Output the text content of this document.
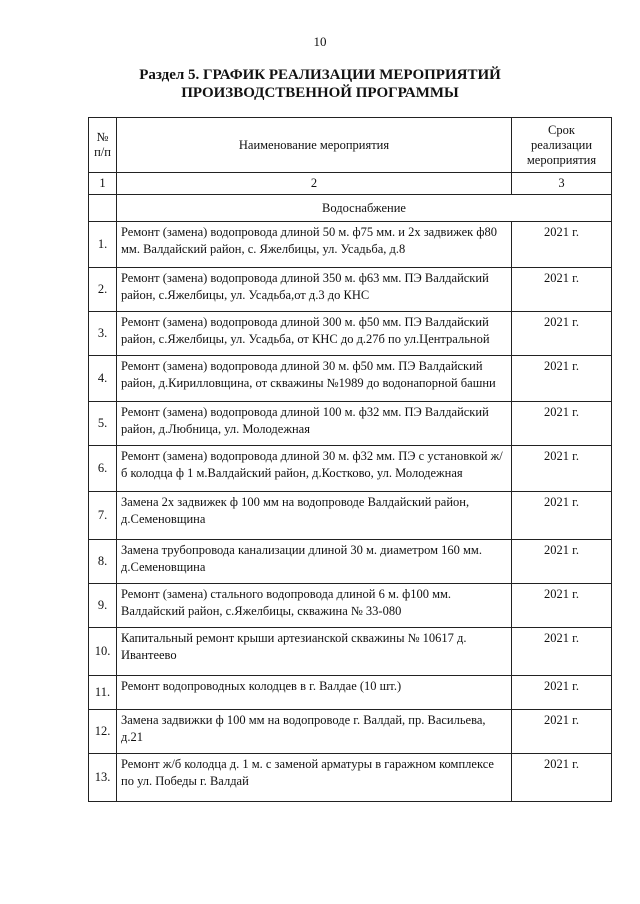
10
Раздел 5. ГРАФИК РЕАЛИЗАЦИИ МЕРОПРИЯТИЙ
ПРОИЗВОДСТВЕННОЙ ПРОГРАММЫ
№ п/п	Наименование мероприятия	Срок реализации мероприятия
1	2	3
	Водоснабжение	
1.	Ремонт (замена) водопровода длиной 50 м. ф75 мм. и 2х задвижек ф80 мм. Валдайский район, с. Яжелбицы, ул. Усадьба, д.8	2021 г.
2.	Ремонт (замена) водопровода длиной 350 м. ф63 мм. ПЭ Валдайский район, с.Яжелбицы, ул. Усадьба,от д.3 до КНС	2021 г.
3.	Ремонт (замена) водопровода длиной 300 м. ф50 мм. ПЭ Валдайский район, с.Яжелбицы, ул. Усадьба, от КНС до д.27б по ул.Центральной	2021 г.
4.	Ремонт (замена) водопровода длиной 30 м. ф50 мм. ПЭ Валдайский район, д.Кирилловщина, от скважины №1989 до водонапорной башни	2021 г.
5.	Ремонт (замена) водопровода длиной 100 м. ф32 мм. ПЭ Валдайский район, д.Любница, ул. Молодежная	2021 г.
6.	Ремонт (замена) водопровода длиной 30 м. ф32 мм. ПЭ с установкой ж/б колодца ф 1 м.Валдайский район, д.Костково, ул. Молодежная	2021 г.
7.	Замена 2х задвижек ф 100 мм на водопроводе Валдайский район, д.Семеновщина	2021 г.
8.	Замена трубопровода канализации длиной 30 м. диаметром 160 мм. д.Семеновщина	2021 г.
9.	Ремонт (замена) стального водопровода длиной 6 м. ф100 мм. Валдайский район, с.Яжелбицы, скважина № 33-080	2021 г.
10.	Капитальный ремонт крыши артезианской скважины № 10617 д. Ивантеево	2021 г.
11.	Ремонт водопроводных колодцев в г. Валдае (10 шт.)	2021 г.
12.	Замена задвижки ф 100 мм на водопроводе г. Валдай, пр. Васильева, д.21	2021 г.
13.	Ремонт ж/б колодца д. 1 м. с заменой арматуры в гаражном комплексе по ул. Победы г. Валдай	2021 г.
